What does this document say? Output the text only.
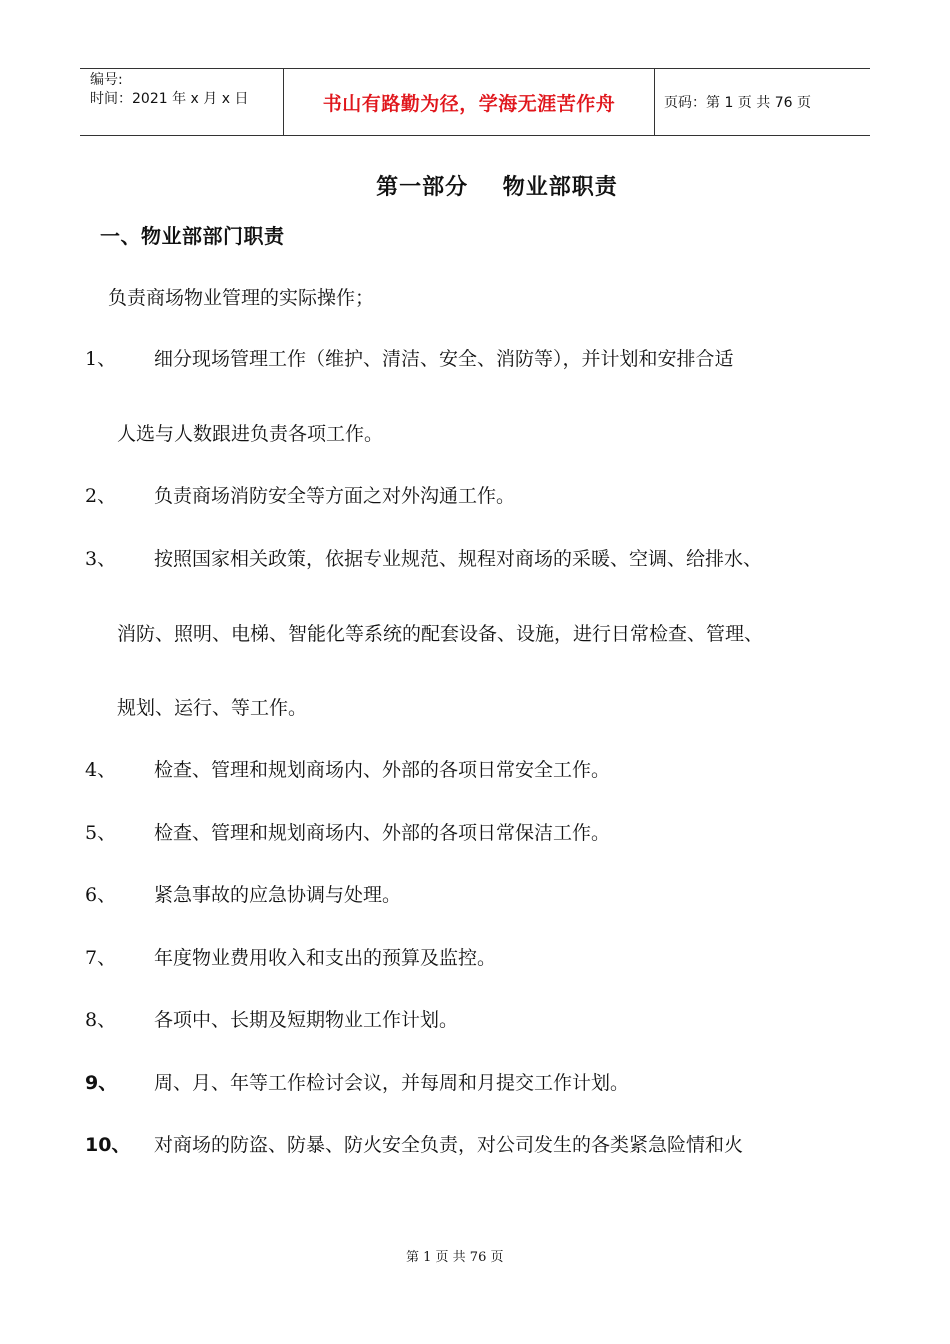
编号:
时间：2021 年 x 月 x 日	书山有路勤为径，学海无涯苦作舟	页码：第 1 页 共 76 页
第一部分    物业部职责
一、物业部部门职责
负责商场物业管理的实际操作；
1、 细分现场管理工作（维护、清洁、安全、消防等），并计划和安排合适
人选与人数跟进负责各项工作。
2、 负责商场消防安全等方面之对外沟通工作。
3、 按照国家相关政策，依据专业规范、规程对商场的采暖、空调、给排水、
消防、照明、电梯、智能化等系统的配套设备、设施，进行日常检查、管理、
规划、运行、等工作。
4、 检查、管理和规划商场内、外部的各项日常安全工作。
5、 检查、管理和规划商场内、外部的各项日常保洁工作。
6、 紧急事故的应急协调与处理。
7、 年度物业费用收入和支出的预算及监控。
8、 各项中、长期及短期物业工作计划。
9、 周、月、年等工作检讨会议，并每周和月提交工作计划。
10、 对商场的防盗、防暴、防火安全负责，对公司发生的各类紧急险情和火
第 1 页 共 76 页
